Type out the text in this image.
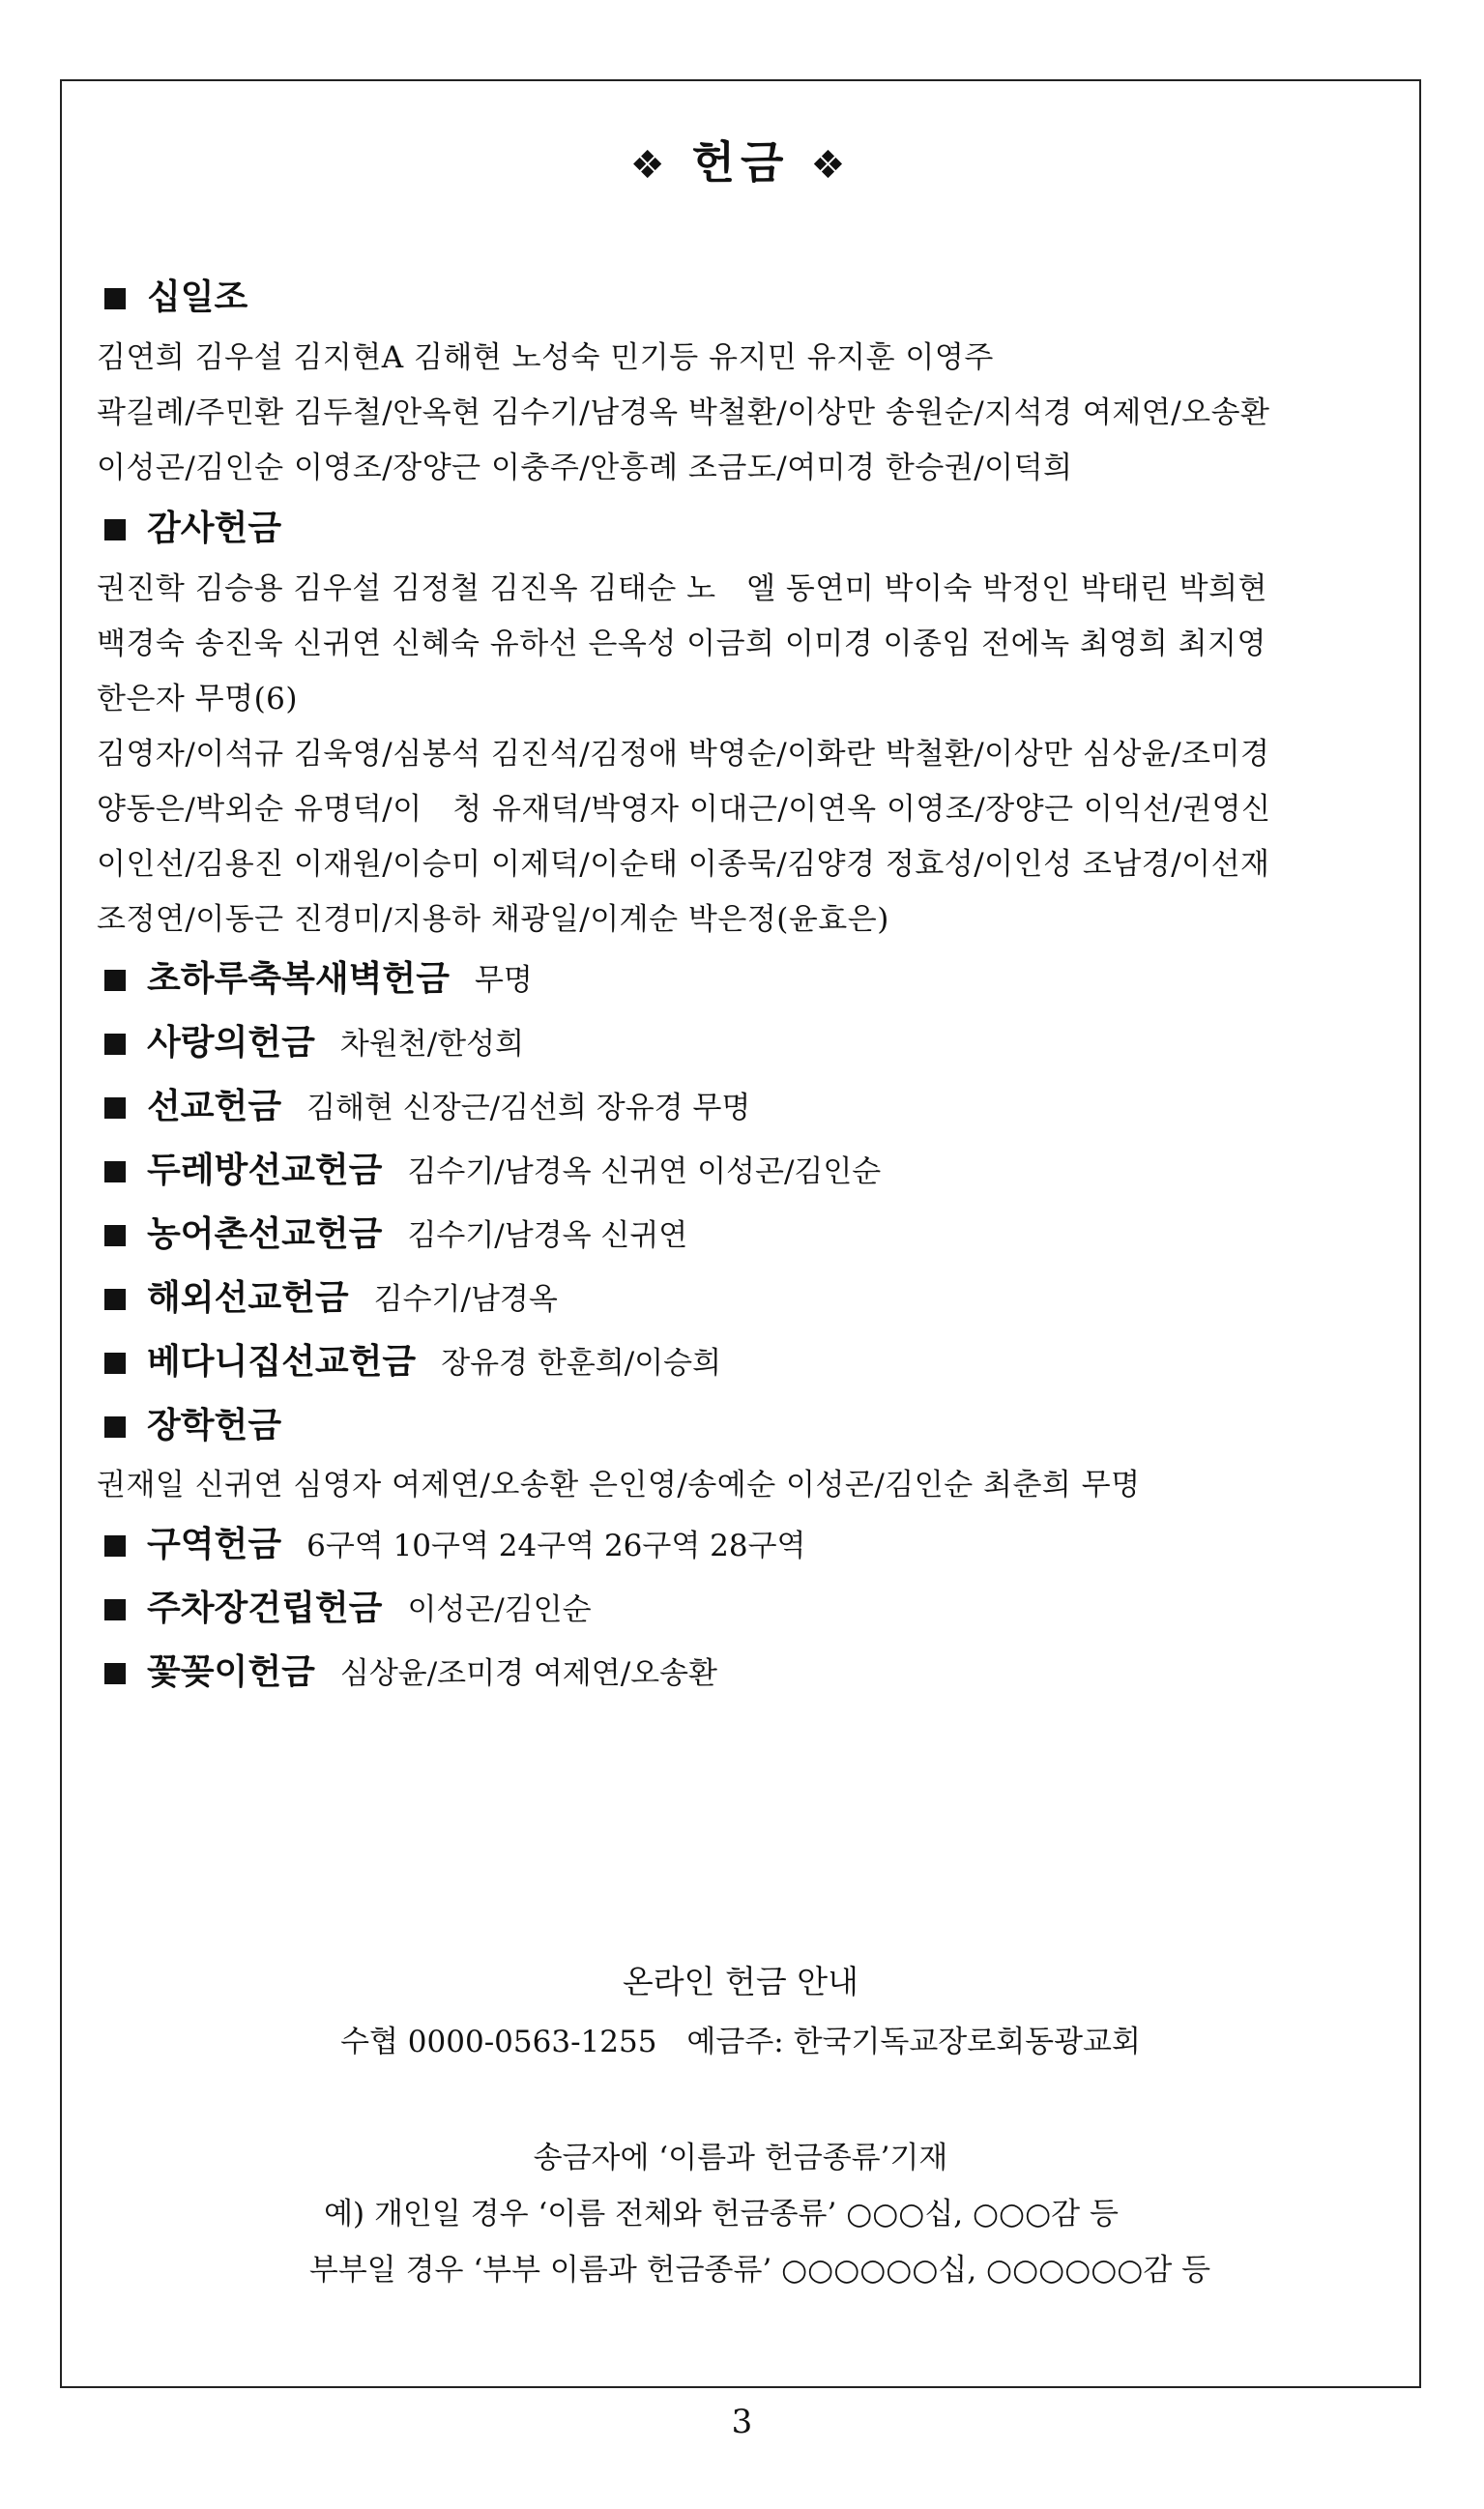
❖ 헌금 ❖
십일조
김연희 김우설 김지현A 김해현 노성숙 민기등 유지민 유지훈 이영주
곽길례/주민환 김두철/안옥현 김수기/남경옥 박철환/이상만 송원순/지석경 여제연/오송환
이성곤/김인순 이영조/장양근 이충주/안흥례 조금도/여미경 한승권/이덕희
감사헌금
권진학 김승용 김우설 김정철 김진옥 김태순 노　엘 동연미 박이숙 박정인 박태린 박희현
백경숙 송진욱 신귀연 신혜숙 유하선 은옥성 이금희 이미경 이종임 전에녹 최영희 최지영
한은자 무명(6)
김영자/이석규 김욱영/심봉석 김진석/김정애 박영순/이화란 박철환/이상만 심상윤/조미경
양동은/박외순 유명덕/이　청 유재덕/박영자 이대근/이연옥 이영조/장양근 이익선/권영신
이인선/김용진 이재원/이승미 이제덕/이순태 이종묵/김양경 정효성/이인성 조남경/이선재
조정연/이동근 진경미/지용하 채광일/이계순 박은정(윤효은)
초하루축복새벽헌금 무명
사랑의헌금 차원천/한성희
선교헌금 김해현 신장근/김선희 장유경 무명
두레방선교헌금 김수기/남경옥 신귀연 이성곤/김인순
농어촌선교헌금 김수기/남경옥 신귀연
해외선교헌금 김수기/남경옥
베다니집선교헌금 장유경 한훈희/이승희
장학헌금
권재일 신귀연 심영자 여제연/오송환 은인영/송예순 이성곤/김인순 최춘희 무명
구역헌금 6구역 10구역 24구역 26구역 28구역
주차장건립헌금 이성곤/김인순
꽃꽂이헌금 심상윤/조미경 여제연/오송환
온라인 헌금 안내
수협 0000-0563-1255　예금주: 한국기독교장로회동광교회
송금자에 ‘이름과 헌금종류’기재
예) 개인일 경우 ‘이름 전체와 헌금종류’ ○○○십, ○○○감 등
부부일 경우 ‘부부 이름과 헌금종류’ ○○○○○○십, ○○○○○○감 등
3
